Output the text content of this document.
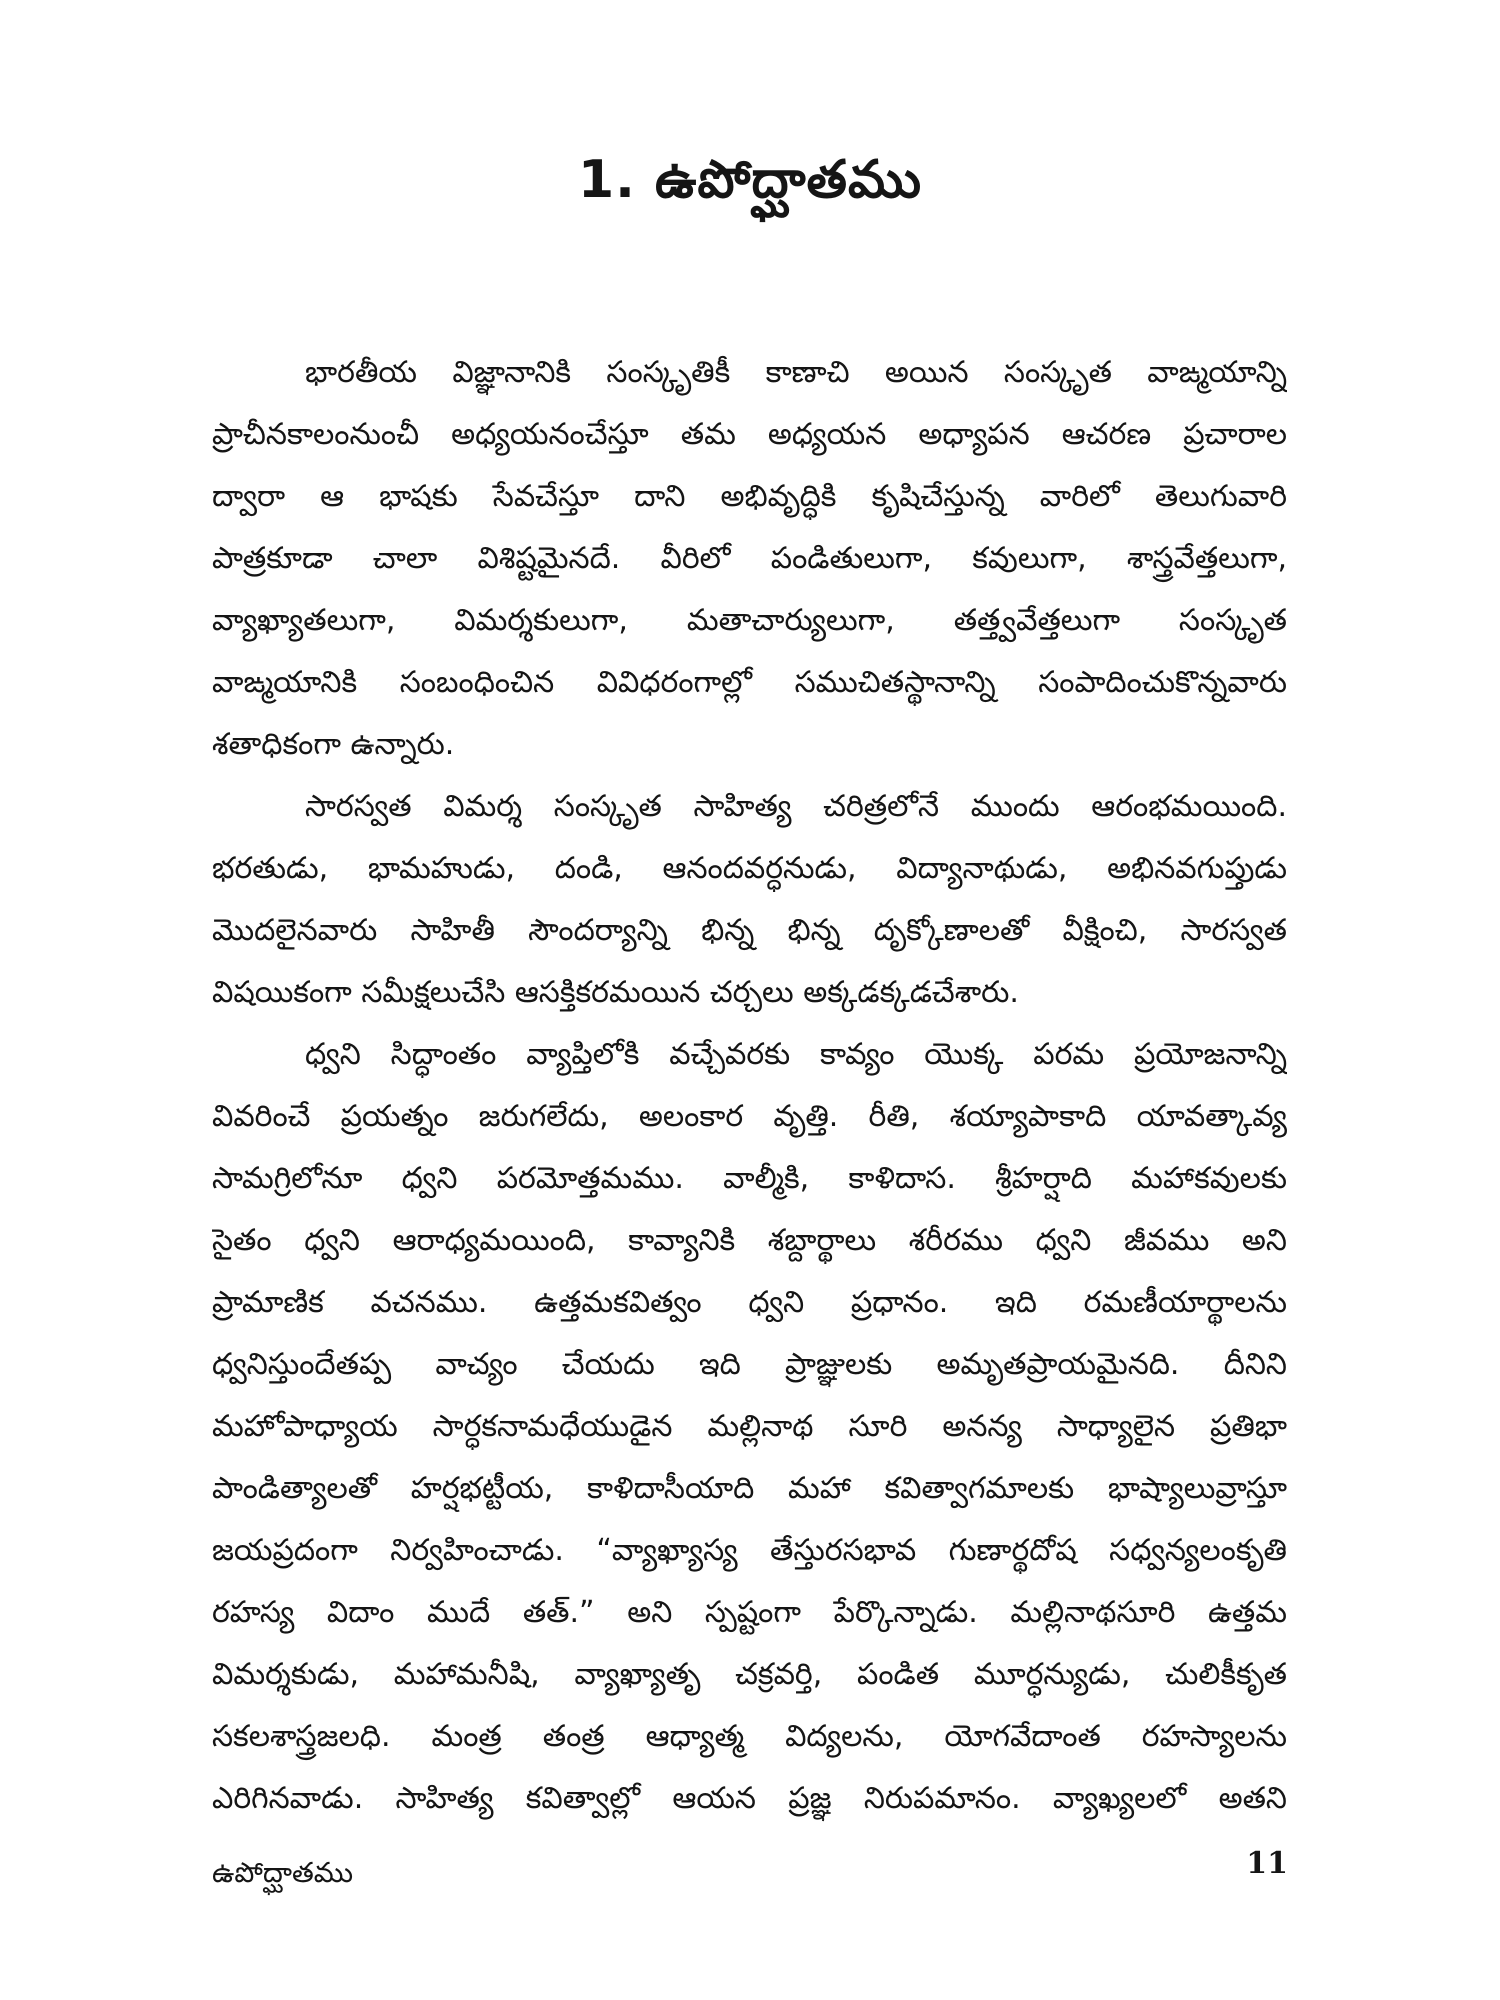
1. ఉపోద్ఘాతము
భారతీయ విజ్ఞానానికి సంస్కృతికీ కాణాచి అయిన సంస్కృత వాఙ్మయాన్ని
ప్రాచీనకాలంనుంచీ అధ్యయనంచేస్తూ తమ అధ్యయన అధ్యాపన ఆచరణ ప్రచారాల
ద్వారా ఆ భాషకు సేవచేస్తూ దాని అభివృద్ధికి కృషిచేస్తున్న వారిలో తెలుగువారి
పాత్రకూడా చాలా విశిష్టమైనదే. వీరిలో పండితులుగా, కవులుగా, శాస్త్రవేత్తలుగా,
వ్యాఖ్యాతలుగా, విమర్శకులుగా, మతాచార్యులుగా, తత్త్వవేత్తలుగా సంస్కృత
వాఙ్మయానికి సంబంధించిన వివిధరంగాల్లో సముచితస్థానాన్ని సంపాదించుకొన్నవారు
శతాధికంగా ఉన్నారు.
సారస్వత విమర్శ సంస్కృత సాహిత్య చరిత్రలోనే ముందు ఆరంభమయింది.
భరతుడు, భామహుడు, దండి, ఆనందవర్ధనుడు, విద్యానాథుడు, అభినవగుప్తుడు
మొదలైనవారు సాహితీ సౌందర్యాన్ని భిన్న భిన్న దృక్కోణాలతో వీక్షించి, సారస్వత
విషయికంగా సమీక్షలుచేసి ఆసక్తికరమయిన చర్చలు అక్కడక్కడచేశారు.
ధ్వని సిద్ధాంతం వ్యాప్తిలోకి వచ్చేవరకు కావ్యం యొక్క పరమ ప్రయోజనాన్ని
వివరించే ప్రయత్నం జరుగలేదు, అలంకార వృత్తి. రీతి, శయ్యాపాకాది యావత్కావ్య
సామగ్రిలోనూ ధ్వని పరమోత్తమము. వాల్మీకి, కాళిదాస. శ్రీహర్షాది మహాకవులకు
సైతం ధ్వని ఆరాధ్యమయింది, కావ్యానికి శబ్దార్థాలు శరీరము ధ్వని జీవము అని
ప్రామాణిక వచనము. ఉత్తమకవిత్వం ధ్వని ప్రధానం. ఇది రమణీయార్థాలను
ధ్వనిస్తుందేతప్ప వాచ్యం చేయదు ఇది ప్రాజ్ఞులకు అమృతప్రాయమైనది. దీనిని
మహోపాధ్యాయ సార్ధకనామధేయుడైన మల్లినాథ సూరి అనన్య సాధ్యాలైన ప్రతిభా
పాండిత్యాలతో హర్షభట్టీయ, కాళిదాసీయాది మహా కవిత్వాగమాలకు భాష్యాలువ్రాస్తూ
జయప్రదంగా నిర్వహించాడు. “వ్యాఖ్యాస్య తేస్తురసభావ గుణార్థదోష సధ్వన్యలంకృతి
రహస్య విదాం ముదే తత్.” అని స్పష్టంగా పేర్కొన్నాడు. మల్లినాథసూరి ఉత్తమ
విమర్శకుడు, మహామనీషి, వ్యాఖ్యాతృ చక్రవర్తి, పండిత మూర్ధన్యుడు, చులికీకృత
సకలశాస్త్రజలధి. మంత్ర తంత్ర ఆధ్యాత్మ విద్యలను, యోగవేదాంత రహస్యాలను
ఎరిగినవాడు. సాహిత్య కవిత్వాల్లో ఆయన ప్రజ్ఞ నిరుపమానం. వ్యాఖ్యలలో అతని
ఉపోద్ఘాతము	11
